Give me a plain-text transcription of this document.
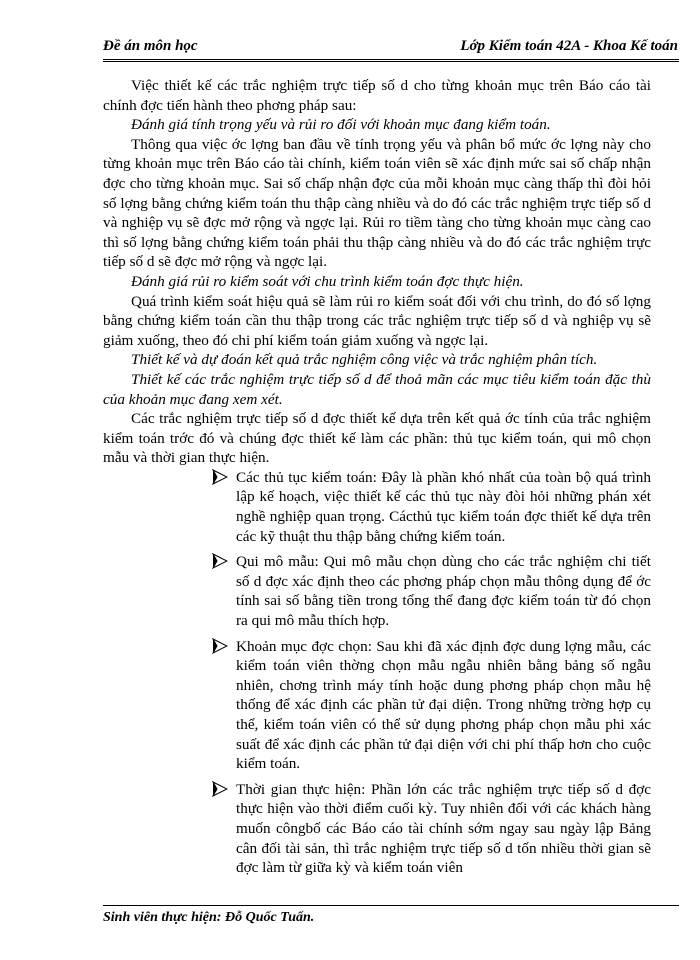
Đề án môn học	Lớp Kiểm toán 42A - Khoa Kế toán

Việc thiết kế các trắc nghiệm trực tiếp số d cho từng khoản mục trên Báo cáo tài chính đợc tiến hành theo phơng pháp sau:

Đánh giá tính trọng yếu và rủi ro đối với khoản mục đang kiểm toán.

Thông qua việc ớc lợng ban đầu về tính trọng yếu và phân bổ mức ớc lợng này cho từng khoản mục trên Báo cáo tài chính, kiểm toán viên sẽ xác định mức sai số chấp nhận đợc cho từng khoản mục. Sai số chấp nhận đợc của mỗi khoản mục càng thấp thì đòi hỏi số lợng bằng chứng kiểm toán thu thập càng nhiều và do đó các trắc nghiệm trực tiếp số d và nghiệp vụ sẽ đợc mở rộng và ngợc lại. Rủi ro tiềm tàng cho từng khoản mục càng cao thì số lợng bằng chứng kiểm toán phải thu thập càng nhiều và do đó các trắc nghiệm trực tiếp số d sẽ đợc mở rộng và ngợc lại.

Đánh giá rủi ro kiểm soát với chu trình kiểm toán đợc thực hiện.

Quá trình kiểm soát hiệu quả sẽ làm rủi ro kiểm soát đối với chu trình, do đó số lợng bằng chứng kiểm toán cần thu thập trong các trắc nghiệm trực tiếp số d và nghiệp vụ sẽ giảm xuống, theo đó chi phí kiểm toán giảm xuống và ngợc lại.

Thiết kế và dự đoán kết quả trắc nghiệm công việc và trắc nghiệm phân tích.

Thiết kế các trắc nghiệm trực tiếp số d để thoả mãn các mục tiêu kiểm toán đặc thù của khoản mục đang xem xét.

Các trắc nghiệm trực tiếp số d đợc thiết kế dựa trên kết quả ớc tính của trắc nghiệm kiểm toán trớc đó và chúng đợc thiết kế làm các phần: thủ tục kiểm toán, qui mô chọn mẫu và thời gian thực hiện.

Các thủ tục kiểm toán: Đây là phần khó nhất của toàn bộ quá trình lập kế hoạch, việc thiết kế các thủ tục này đòi hỏi những phán xét nghề nghiệp quan trọng. Cácthủ tục kiểm toán đợc thiết kế dựa trên các kỹ thuật thu thập bằng chứng kiểm toán.
Qui mô mẫu: Qui mô mẫu chọn dùng cho các trắc nghiệm chi tiết số d đợc xác định theo các phơng pháp chọn mẫu thông dụng để ớc tính sai số bằng tiền trong tổng thể đang đợc kiểm toán từ đó chọn ra qui mô mẫu thích hợp.
Khoản mục đợc chọn: Sau khi đã xác định đợc dung lợng mẫu, các kiểm toán viên thờng chọn mẫu ngẫu nhiên bằng bảng số ngẫu nhiên, chơng trình máy tính hoặc dung phơng pháp chọn mẫu hệ thống để xác định các phần tử đại diện. Trong những trờng hợp cụ thể, kiểm toán viên có thể sử dụng phơng pháp chọn mẫu phi xác suất để xác định các phần tử đại diện với chi phí thấp hơn cho cuộc kiểm toán.
Thời gian thực hiện: Phần lớn các trắc nghiệm trực tiếp số d đợc thực hiện vào thời điểm cuối kỳ. Tuy nhiên đối với các khách hàng muốn côngbố các Báo cáo tài chính sớm ngay sau ngày lập Bảng cân đối tài sản, thì trắc nghiệm trực tiếp số d tốn nhiều thời gian sẽ đợc làm từ giữa kỳ và kiểm toán viên
Sinh viên thực hiện: Đỗ Quốc Tuấn.
